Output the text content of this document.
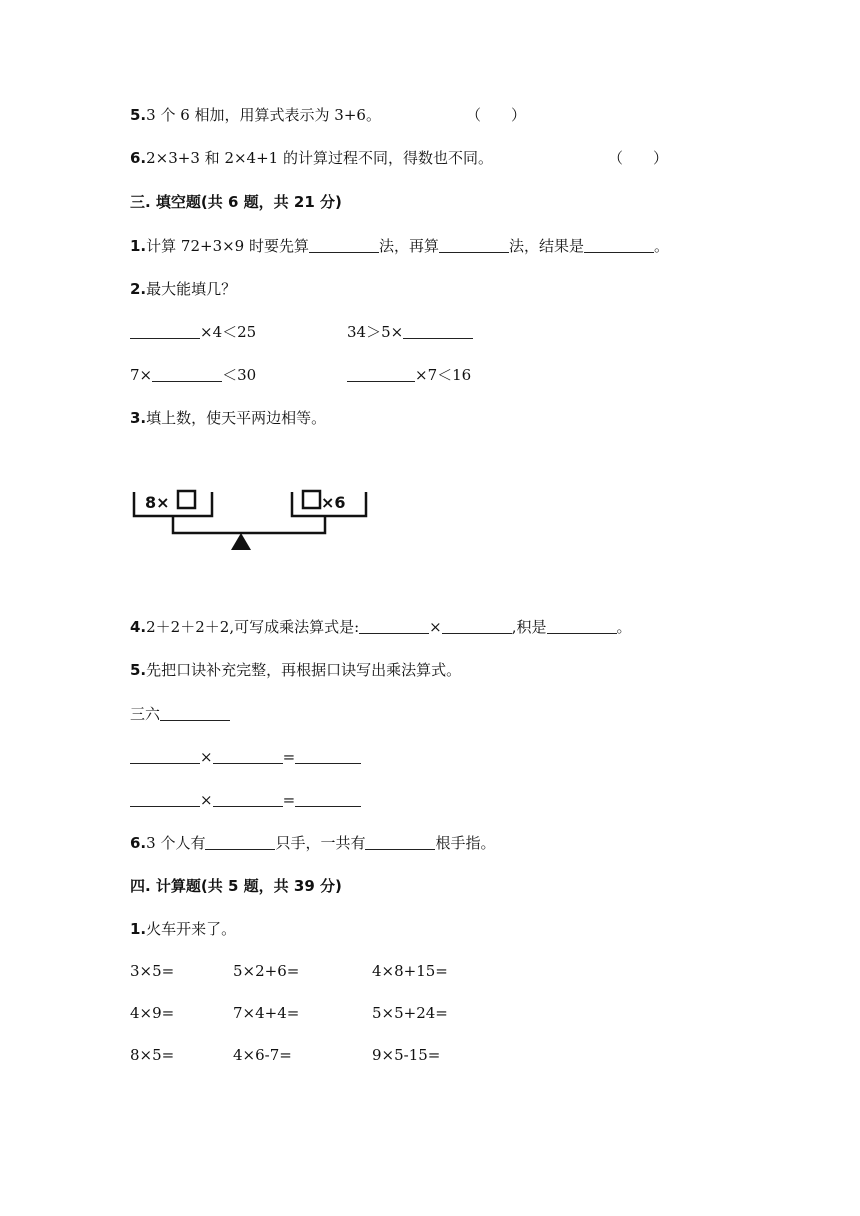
5.3 个 6 相加，用算式表示为 3+6。	（　　）
6.2×3+3 和 2×4+1 的计算过程不同，得数也不同。	（　　）
三. 填空题(共 6 题，共 21 分)
1.计算 72+3×9 时要先算	法，再算	法，结果是	。
2.最大能填几？
×4＜25	34＞5×
7×	＜30	×7＜16
3.填上数，使天平两边相等。
8×	×6
4.2＋2＋2＋2,可写成乘法算式是:	×	,积是	。
5.先把口诀补充完整，再根据口诀写出乘法算式。
三六
×	=
×	=
6.3 个人有	只手，一共有	根手指。
四. 计算题(共 5 题，共 39 分)
1.火车开来了。
3×5=	5×2+6=	4×8+15=
4×9=	7×4+4=	5×5+24=
8×5=	4×6-7=	9×5-15=
